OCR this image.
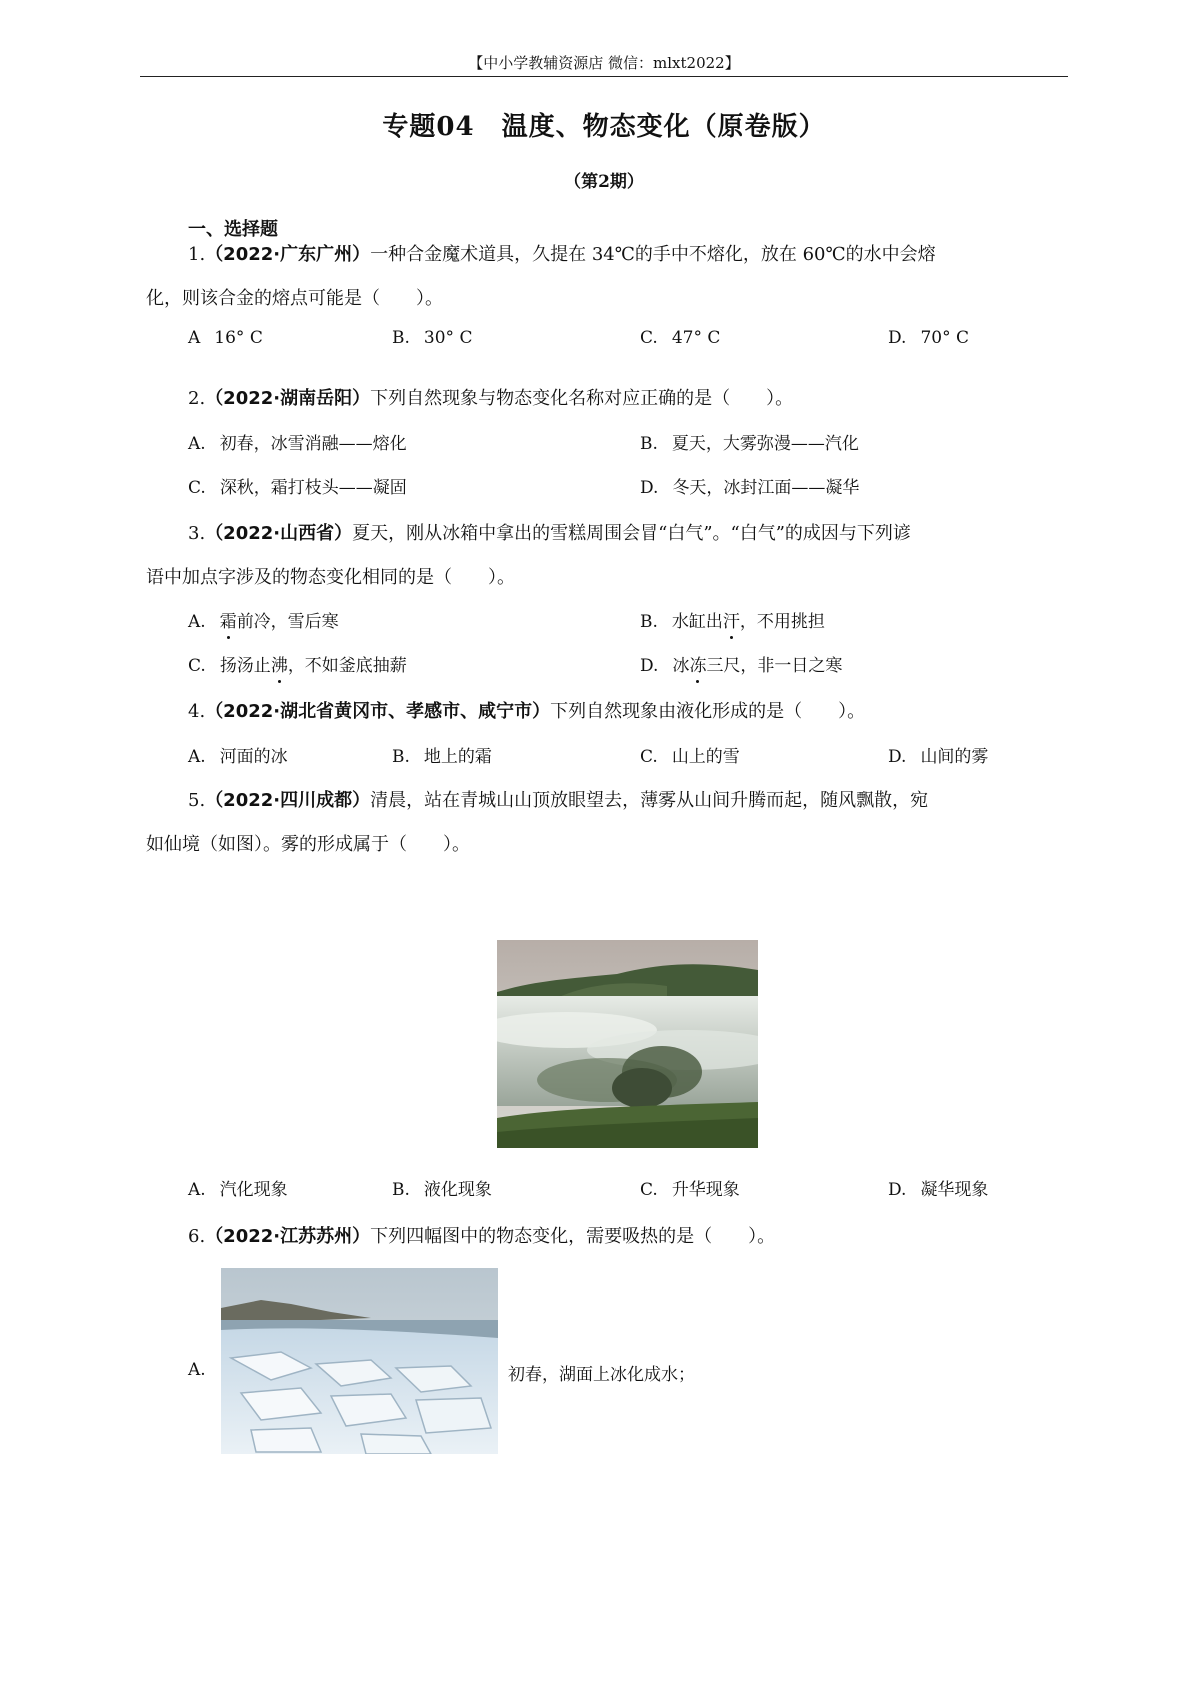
【中小学教辅资源店 微信：mlxt2022】
专题04　温度、物态变化（原卷版）
（第2期）
一、选择题
1.（2022·广东广州）一种合金魔术道具，久提在 34℃的手中不熔化，放在 60℃的水中会熔
化，则该合金的熔点可能是（　　）。
A 16° C	B. 30° C	C. 47° C	D. 70° C
2.（2022·湖南岳阳）下列自然现象与物态变化名称对应正确的是（　　）。
A. 初春，冰雪消融——熔化	B. 夏天，大雾弥漫——汽化
C. 深秋，霜打枝头——凝固	D. 冬天，冰封江面——凝华
3.（2022·山西省）夏天，刚从冰箱中拿出的雪糕周围会冒“白气”。“白气”的成因与下列谚
语中加点字涉及的物态变化相同的是（　　）。
A. 霜前冷，雪后寒	B. 水缸出汗，不用挑担
C. 扬汤止沸，不如釜底抽薪	D. 冰冻三尺，非一日之寒
4.（2022·湖北省黄冈市、孝感市、咸宁市）下列自然现象由液化形成的是（　　）。
A. 河面的冰	B. 地上的霜	C. 山上的雪	D. 山间的雾
5.（2022·四川成都）清晨，站在青城山山顶放眼望去，薄雾从山间升腾而起，随风飘散，宛
如仙境（如图）。雾的形成属于（　　）。
A. 汽化现象	B. 液化现象	C. 升华现象	D. 凝华现象
6.（2022·江苏苏州）下列四幅图中的物态变化，需要吸热的是（　　）。
A.	初春，湖面上冰化成水；
